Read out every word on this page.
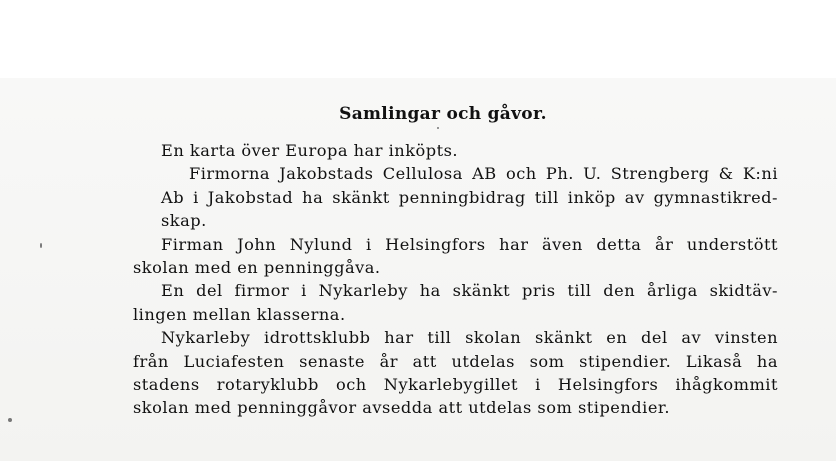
Samlingar och gåvor.

En karta över Europa har inköpts.

Firmorna Jakobstads Cellulosa AB och Ph. U. Strengberg & K:ni
Ab i Jakobstad ha skänkt penningbidrag till inköp av gymnastikred-
skap.

Firman John Nylund i Helsingfors har även detta år understött
skolan med en penninggåva.

En del firmor i Nykarleby ha skänkt pris till den årliga skidtäv-
lingen mellan klasserna.

Nykarleby idrottsklubb har till skolan skänkt en del av vinsten
från Luciafesten senaste år att utdelas som stipendier. Likaså ha
stadens rotaryklubb och Nykarlebygillet i Helsingfors ihågkommit
skolan med penninggåvor avsedda att utdelas som stipendier.
